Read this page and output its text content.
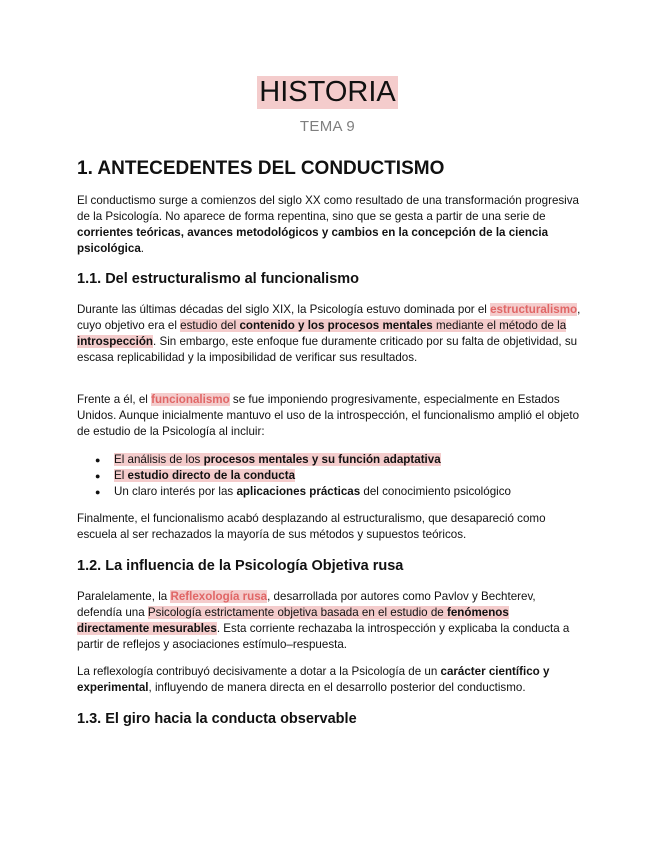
HISTORIA
TEMA 9
1. ANTECEDENTES DEL CONDUCTISMO

El conductismo surge a comienzos del siglo XX como resultado de una transformación progresiva de la Psicología. No aparece de forma repentina, sino que se gesta a partir de una serie de corrientes teóricas, avances metodológicos y cambios en la concepción de la ciencia psicológica.

1.1. Del estructuralismo al funcionalismo

Durante las últimas décadas del siglo XIX, la Psicología estuvo dominada por el estructuralismo, cuyo objetivo era el estudio del contenido y los procesos mentales mediante el método de la introspección. Sin embargo, este enfoque fue duramente criticado por su falta de objetividad, su escasa replicabilidad y la imposibilidad de verificar sus resultados.

Frente a él, el funcionalismo se fue imponiendo progresivamente, especialmente en Estados Unidos. Aunque inicialmente mantuvo el uso de la introspección, el funcionalismo amplió el objeto de estudio de la Psicología al incluir:

● El análisis de los procesos mentales y su función adaptativa
● El estudio directo de la conducta
● Un claro interés por las aplicaciones prácticas del conocimiento psicológico

Finalmente, el funcionalismo acabó desplazando al estructuralismo, que desapareció como escuela al ser rechazados la mayoría de sus métodos y supuestos teóricos.

1.2. La influencia de la Psicología Objetiva rusa

Paralelamente, la Reflexología rusa, desarrollada por autores como Pavlov y Bechterev, defendía una Psicología estrictamente objetiva basada en el estudio de fenómenos directamente mesurables. Esta corriente rechazaba la introspección y explicaba la conducta a partir de reflejos y asociaciones estímulo–respuesta.

La reflexología contribuyó decisivamente a dotar a la Psicología de un carácter científico y experimental, influyendo de manera directa en el desarrollo posterior del conductismo.

1.3. El giro hacia la conducta observable
